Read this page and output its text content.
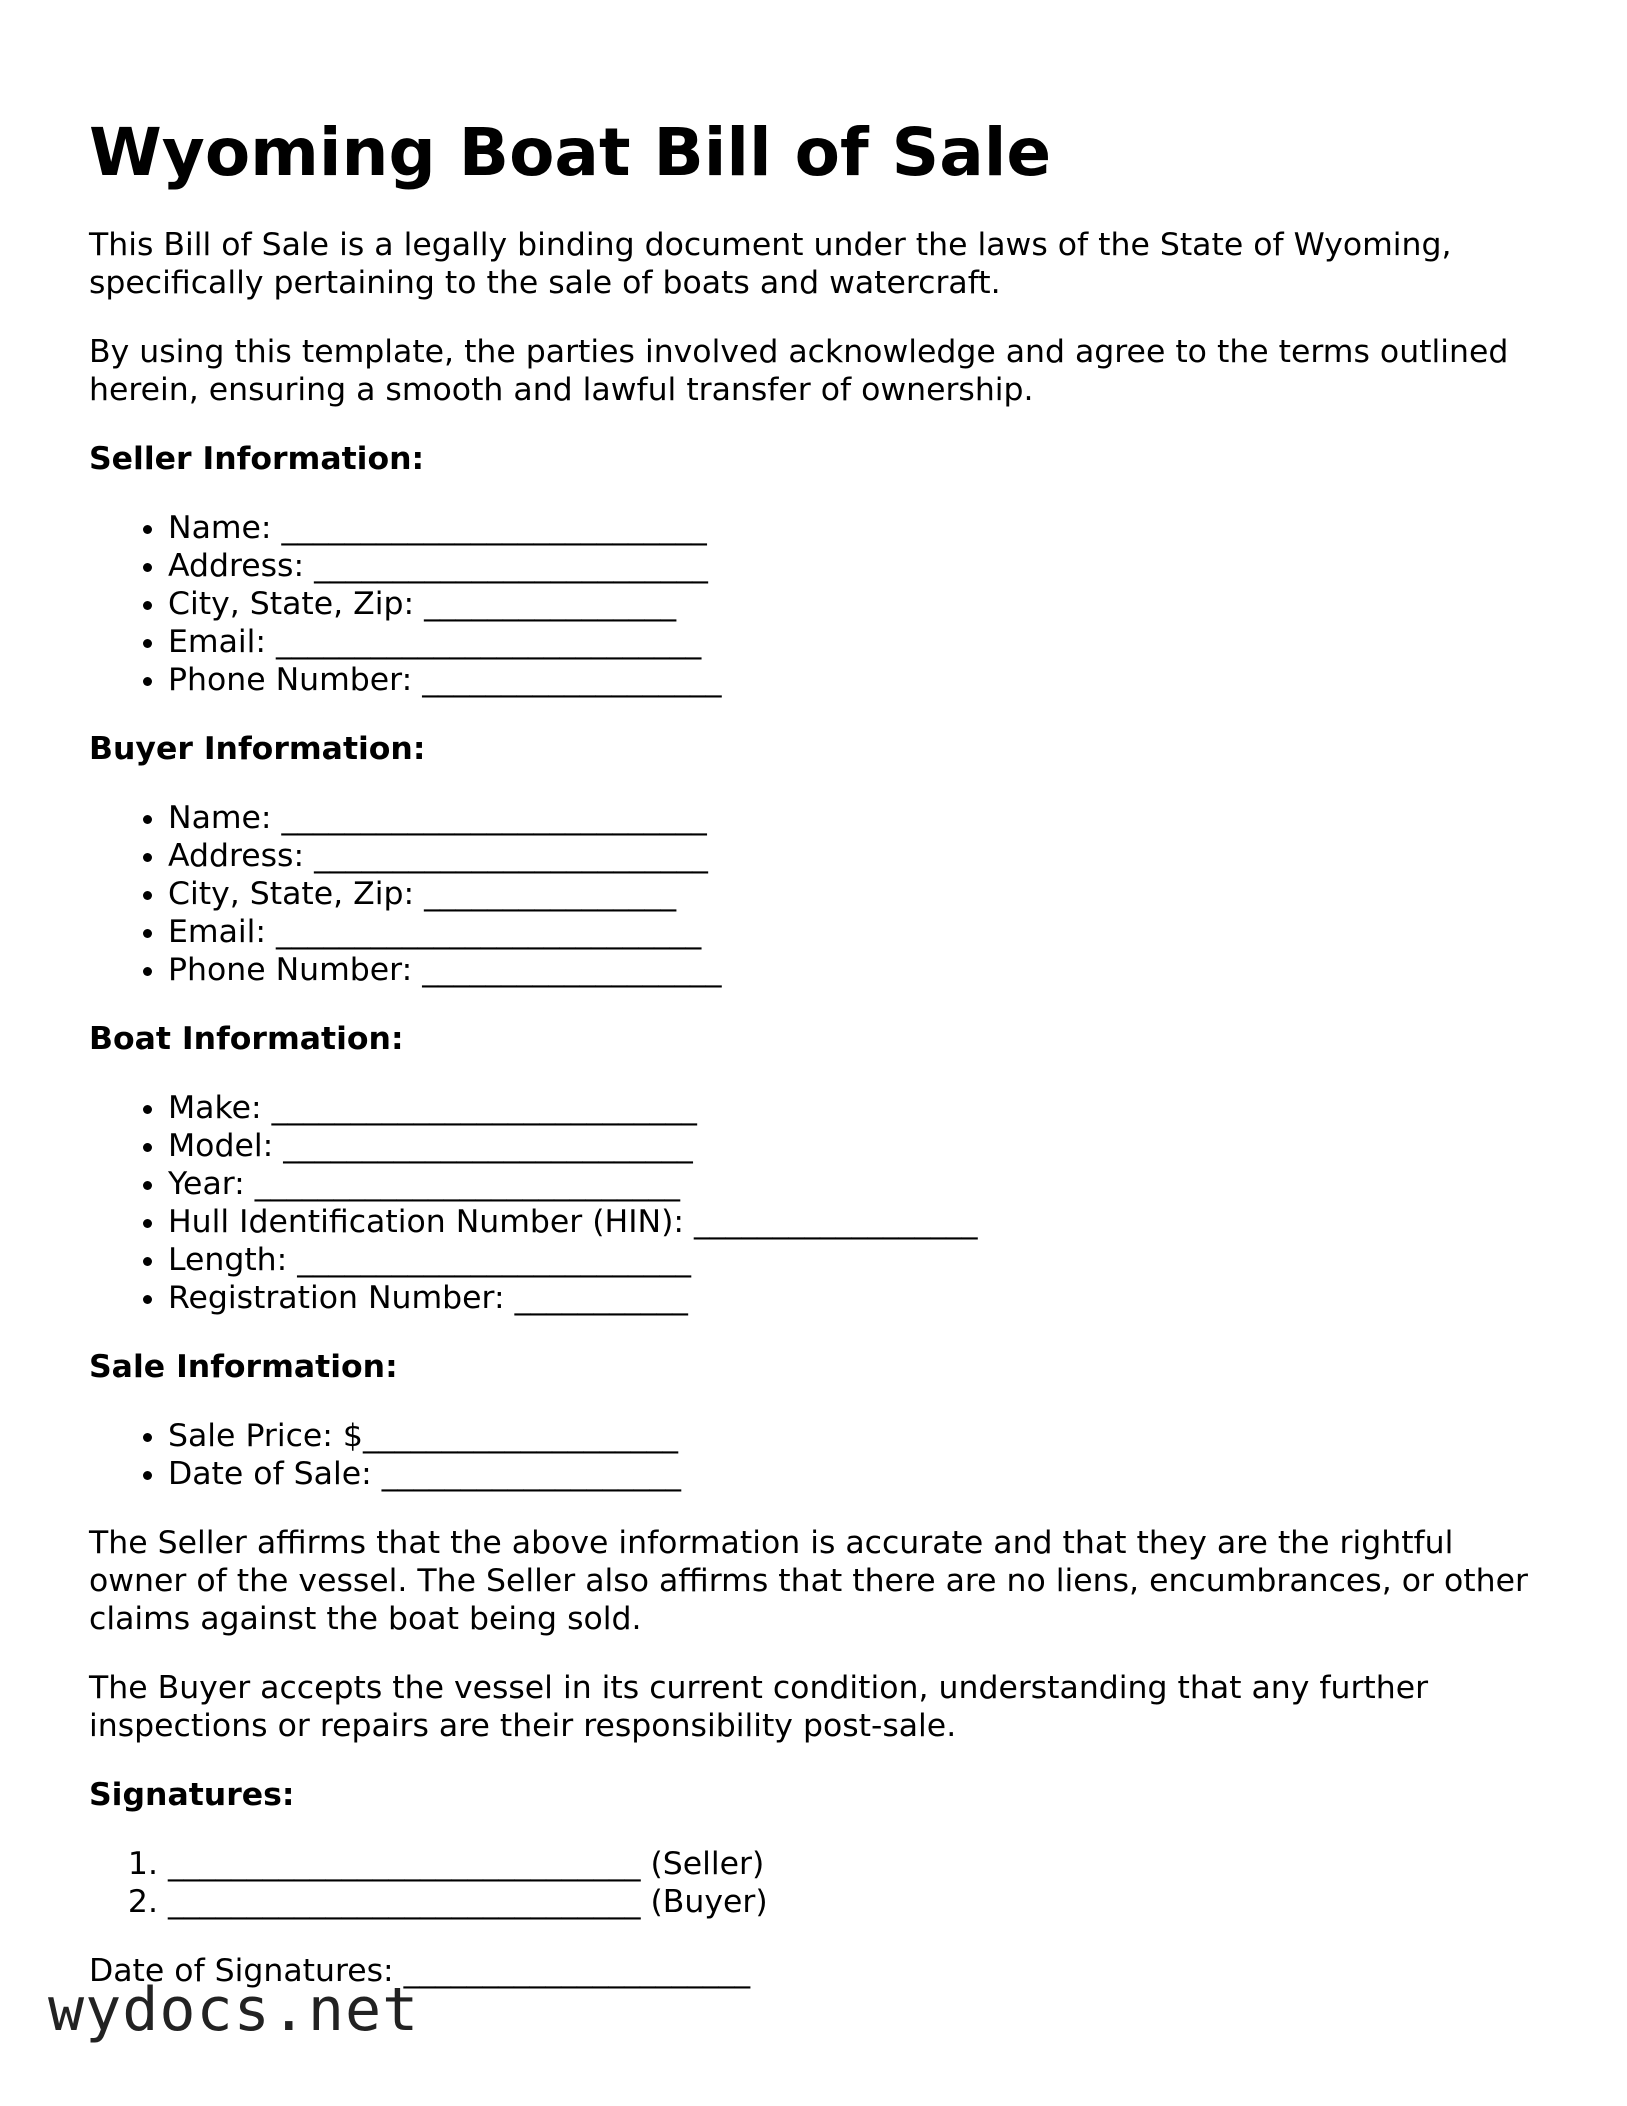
Wyoming Boat Bill of Sale

This Bill of Sale is a legally binding document under the laws of the State of Wyoming, specifically pertaining to the sale of boats and watercraft.

By using this template, the parties involved acknowledge and agree to the terms outlined herein, ensuring a smooth and lawful transfer of ownership.

Seller Information:
• Name: ___________________________
• Address: _________________________
• City, State, Zip: ________________
• Email: ___________________________
• Phone Number: ___________________
Buyer Information:
• Name: ___________________________
• Address: _________________________
• City, State, Zip: ________________
• Email: ___________________________
• Phone Number: ___________________
Boat Information:
• Make: ___________________________
• Model: __________________________
• Year: ___________________________
• Hull Identification Number (HIN): __________________
• Length: _________________________
• Registration Number: ___________
Sale Information:
• Sale Price: $____________________
• Date of Sale: ___________________

The Seller affirms that the above information is accurate and that they are the rightful owner of the vessel. The Seller also affirms that there are no liens, encumbrances, or other claims against the boat being sold.

The Buyer accepts the vessel in its current condition, understanding that any further inspections or repairs are their responsibility post-sale.

Signatures:
1. ______________________________ (Seller)
2. ______________________________ (Buyer)

Date of Signatures: ______________________

wydocs.net
